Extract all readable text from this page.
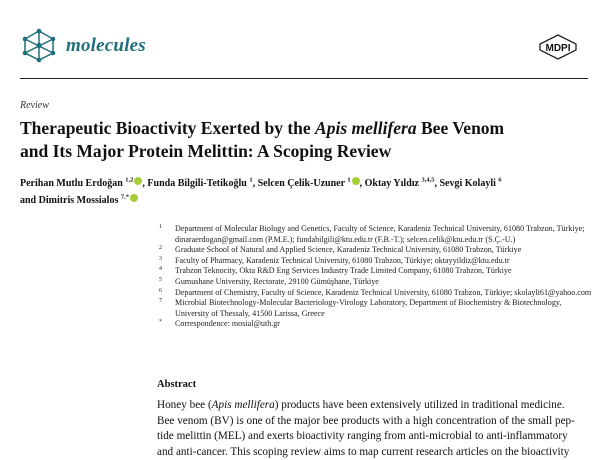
molecules	MDPI
Review
Therapeutic Bioactivity Exerted by the Apis mellifera Bee Venom
and Its Major Protein Melittin: A Scoping Review
Perihan Mutlu Erdoğan $^{1,2}$ , Funda Bilgili-Tetikoğlu $^1$, Selcen Çelik-Uzuner $^1$ , Oktay Yıldız $^{3,4,5}$, Sevgi Kolayli $^6$
and Dimitris Mossialos $^{7,*}$
1 Department of Molecular Biology and Genetics, Faculty of Science, Karadeniz Technical University, 61080 Trabzon, Türkiye; dinaraerdogan@gmail.com (P.M.E.); fundabilgili@ktu.edu.tr (F.B.-T.); selcen.celik@ktu.edu.tr (S.Ç.-U.)
2 Graduate School of Natural and Applied Science, Karadeniz Technical University, 61080 Trabzon, Türkiye
3 Faculty of Pharmacy, Karadeniz Technical University, 61080 Trabzon, Türkiye; oktayyildiz@ktu.edu.tr
4 Trabzon Teknocity, Okta R&D Eng Services Industry Trade Limited Company, 61080 Trabzon, Türkiye
5 Gumushane University, Rectorate, 29100 Gümüşhane, Türkiye
6 Department of Chemistry, Faculty of Science, Karadeniz Technical University, 61080 Trabzon, Türkiye; skolayli61@yahoo.com
7 Microbial Biotechnology-Molecular Bacteriology-Virology Laboratory, Department of Biochemistry & Biotechnology, University of Thessaly, 41500 Larissa, Greece
* Correspondence: mosial@uth.gr
Abstract
Honey bee (Apis mellifera) products have been extensively utilized in traditional medicine.
Bee venom (BV) is one of the major bee products with a high concentration of the small pep-
tide melittin (MEL) and exerts bioactivity ranging from anti-microbial to anti-inflammatory
and anti-cancer. This scoping review aims to map current research articles on the bioactivity
